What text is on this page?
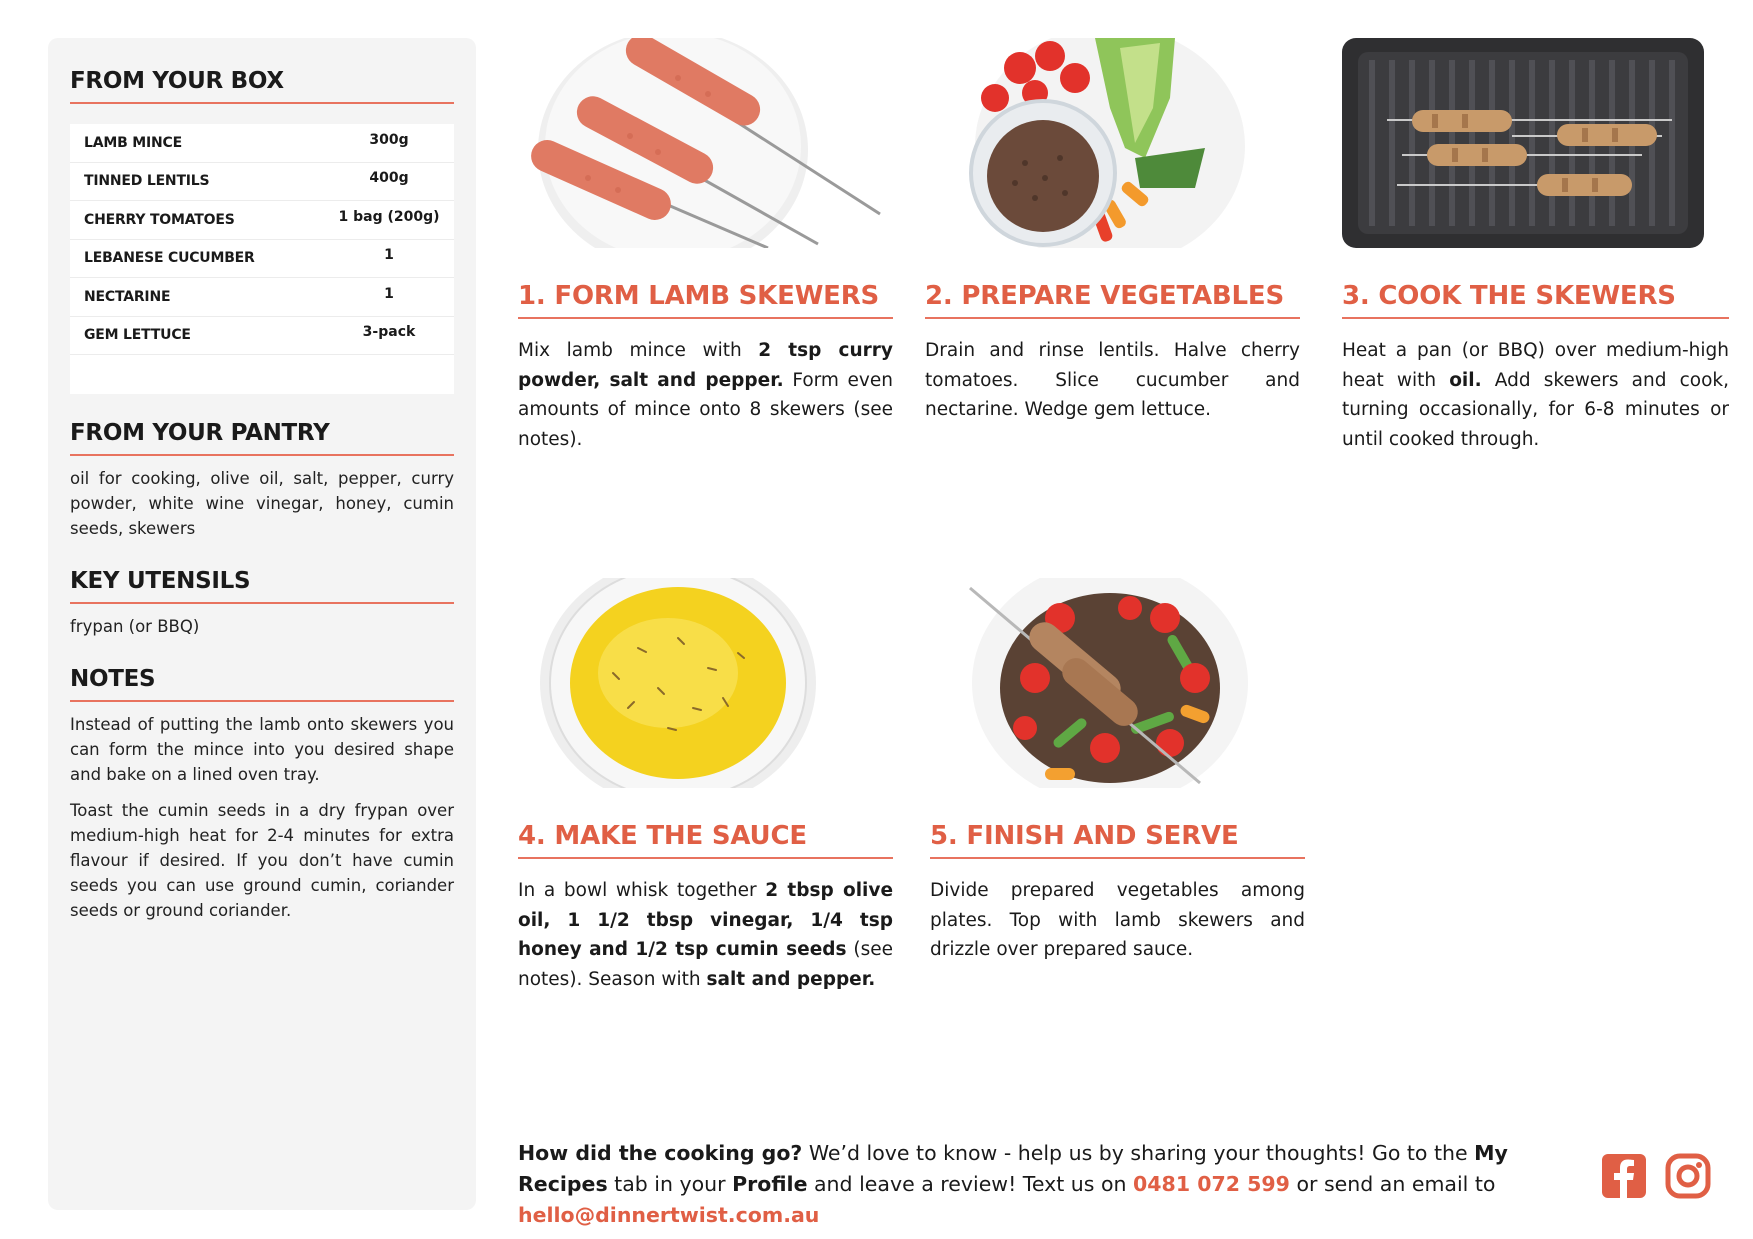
FROM YOUR BOX
LAMB MINCE	300g
TINNED LENTILS	400g
CHERRY TOMATOES	1 bag (200g)
LEBANESE CUCUMBER	1
NECTARINE	1
GEM LETTUCE	3-pack
FROM YOUR PANTRY
oil for cooking, olive oil, salt, pepper, curry powder, white wine vinegar, honey, cumin seeds, skewers
KEY UTENSILS
frypan (or BBQ)
NOTES

Instead of putting the lamb onto skewers you can form the mince into you desired shape and bake on a lined oven tray.

Toast the cumin seeds in a dry frypan over medium-high heat for 2-4 minutes for extra flavour if desired. If you don’t have cumin seeds you can use ground cumin, coriander seeds or ground coriander.

1. FORM LAMB SKEWERS
Mix lamb mince with 2 tsp curry powder, salt and pepper. Form even amounts of mince onto 8 skewers (see notes).
2. PREPARE VEGETABLES
Drain and rinse lentils. Halve cherry tomatoes. Slice cucumber and nectarine. Wedge gem lettuce.
3. COOK THE SKEWERS
Heat a pan (or BBQ) over medium-high heat with oil. Add skewers and cook, turning occasionally, for 6-8 minutes or until cooked through.
4. MAKE THE SAUCE
In a bowl whisk together 2 tbsp olive oil, 1 1/2 tbsp vinegar, 1/4 tsp honey and 1/2 tsp cumin seeds (see notes). Season with salt and pepper.
5. FINISH AND SERVE
Divide prepared vegetables among plates. Top with lamb skewers and drizzle over prepared sauce.
How did the cooking go? We’d love to know - help us by sharing your thoughts! Go to the My Recipes tab in your Profile and leave a review! Text us on 0481 072 599 or send an email to hello@dinnertwist.com.au
